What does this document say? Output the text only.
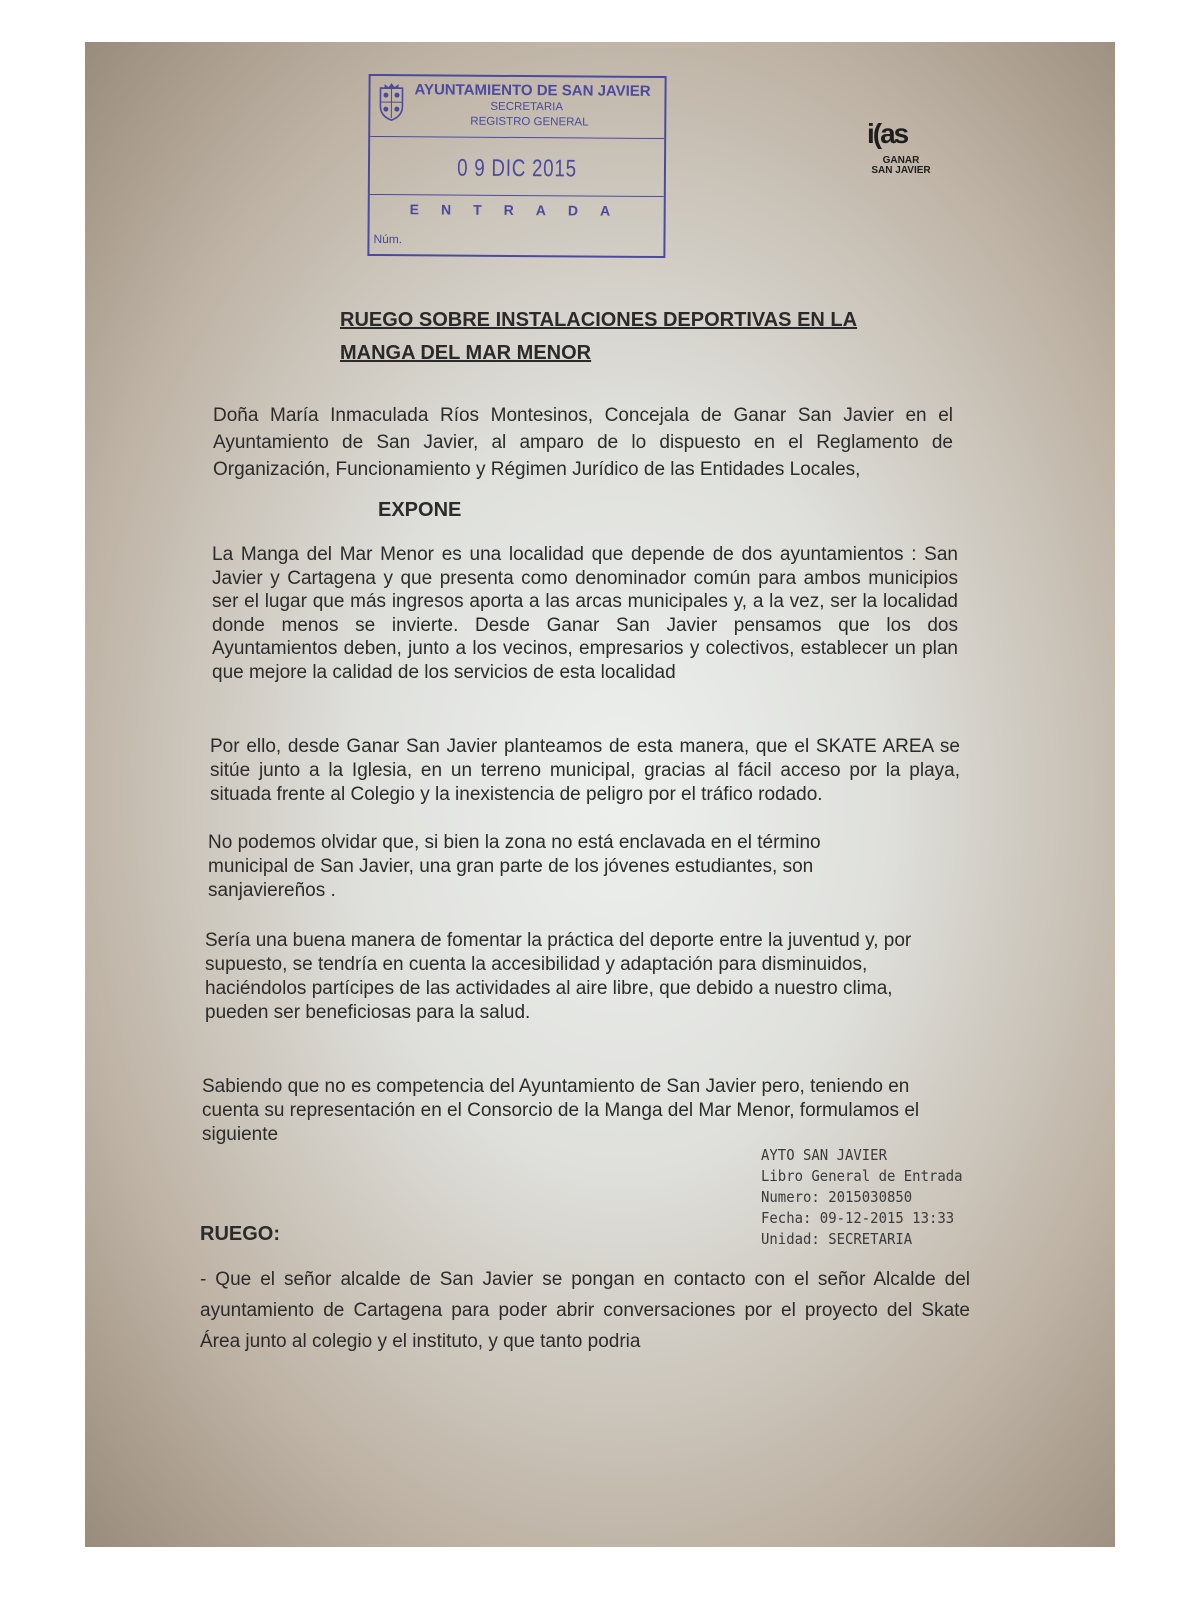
AYUNTAMIENTO DE SAN JAVIER
SECRETARIA
REGISTRO GENERAL
0 9 DIC 2015
ENTRADA
Núm.
i(as
GANAR
SAN JAVIER
RUEGO SOBRE INSTALACIONES DEPORTIVAS EN LA
MANGA DEL MAR MENOR
Doña María Inmaculada Ríos Montesinos, Concejala de Ganar San Javier en el Ayuntamiento de San Javier, al amparo de lo dispuesto en el Reglamento de Organización, Funcionamiento y Régimen Jurídico de las Entidades Locales,
EXPONE
La Manga del Mar Menor es una localidad que depende de dos ayuntamientos : San Javier y Cartagena y que presenta como denominador común para ambos municipios ser el lugar que más ingresos aporta a las arcas municipales y, a la vez, ser la localidad donde menos se invierte. Desde Ganar San Javier pensamos que los dos Ayuntamientos deben, junto a los vecinos, empresarios y colectivos, establecer un plan que mejore la calidad de los servicios de esta localidad
Por ello, desde Ganar San Javier planteamos de esta manera, que el SKATE AREA se sitúe junto a la Iglesia, en un terreno municipal, gracias al fácil acceso por la playa, situada frente al Colegio y la inexistencia de peligro por el tráfico rodado.
No podemos olvidar que, si bien la zona no está enclavada en el término municipal de San Javier, una gran parte de los jóvenes estudiantes, son sanjaviereños .
Sería una buena manera de fomentar la práctica del deporte entre la juventud y, por supuesto, se tendría en cuenta la accesibilidad y adaptación para disminuidos, haciéndolos partícipes de las actividades al aire libre, que debido a nuestro clima, pueden ser beneficiosas para la salud.
Sabiendo que no es competencia del Ayuntamiento de San Javier pero, teniendo en cuenta su representación en el Consorcio de la Manga del Mar Menor, formulamos el siguiente
AYTO SAN JAVIER
Libro General de Entrada
Numero: 2015030850
Fecha: 09-12-2015 13:33
Unidad: SECRETARIA
RUEGO:
- Que el señor alcalde de San Javier se pongan en contacto con el señor Alcalde del ayuntamiento de Cartagena para poder abrir conversaciones por el proyecto del Skate Área junto al colegio y el instituto, y que tanto podria
